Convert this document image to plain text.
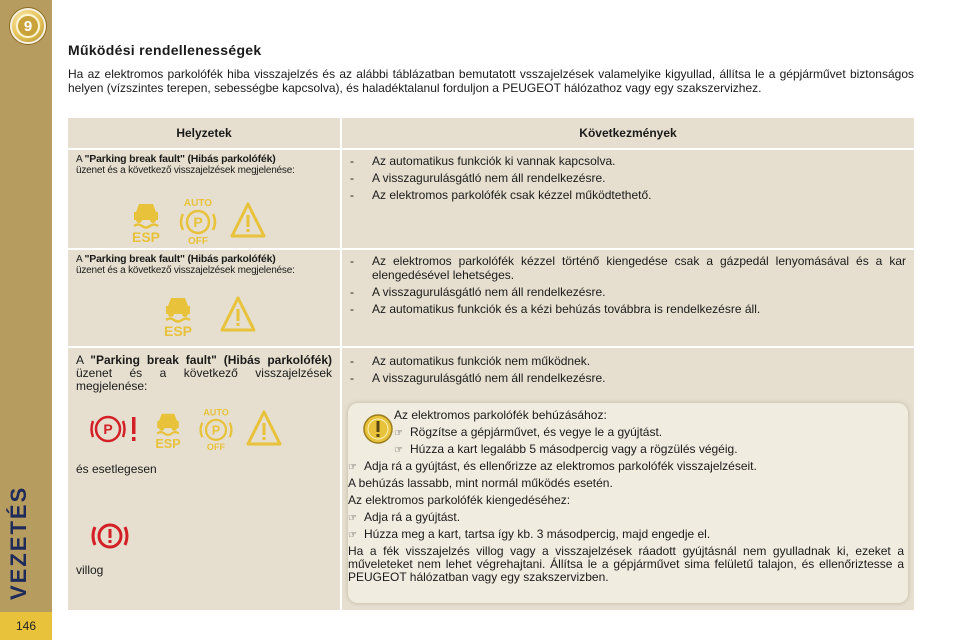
9
VEZETÉS
146
Működési rendellenességek
Ha az elektromos parkolófék hiba visszajelzés és az alábbi táblázatban bemutatott vsszajelzések valamelyike kigyullad, állítsa le a gépjárművet biztonságos helyen (vízszintes terepen, sebességbe kapcsolva), és haladéktalanul forduljon a PEUGEOT hálózathoz vagy egy szakszervizhez.
Helyzetek	Következmények
A "Parking break fault" (Hibás parkolófék)
üzenet és a következő visszajelzések megjelenése:
ESP
AUTO
P
OFF
- Az automatikus funkciók ki vannak kapcsolva.
- A visszagurulásgátló nem áll rendelkezésre.
- Az elektromos parkolófék csak kézzel működtethető.
A "Parking break fault" (Hibás parkolófék)
üzenet és a következő visszajelzések megjelenése:
ESP
- Az elektromos parkolófék kézzel történő kiengedése csak a gázpedál lenyomásával és a kar elengedésével lehetséges.
- A visszagurulásgátló nem áll rendelkezésre.
- Az automatikus funkciók és a kézi behúzás továbbra is rendelkezésre áll.
A "Parking break fault" (Hibás parkolófék) üzenet és a következő visszajelzések megjelenése:
P
ESP
AUTO
P
OFF
és esetlegesen
villog
- Az automatikus funkciók nem működnek.
- A visszagurulásgátló nem áll rendelkezésre.
Az elektromos parkolófék behúzásához:
☞ Rögzítse a gépjárművet, és vegye le a gyújtást.
☞ Húzza a kart legalább 5 másodpercig vagy a rögzülés végéig.
☞ Adja rá a gyújtást, és ellenőrizze az elektromos parkolófék visszajelzéseit.
A behúzás lassabb, mint normál működés esetén.
Az elektromos parkolófék kiengedéséhez:
☞ Adja rá a gyújtást.
☞ Húzza meg a kart, tartsa így kb. 3 másodpercig, majd engedje el.
Ha a fék visszajelzés villog vagy a visszajelzések ráadott gyújtásnál nem gyulladnak ki, ezeket a műveleteket nem lehet végrehajtani. Állítsa le a gépjárművet sima felületű talajon, és ellenőriztesse a PEUGEOT hálózatban vagy egy szakszervizben.
